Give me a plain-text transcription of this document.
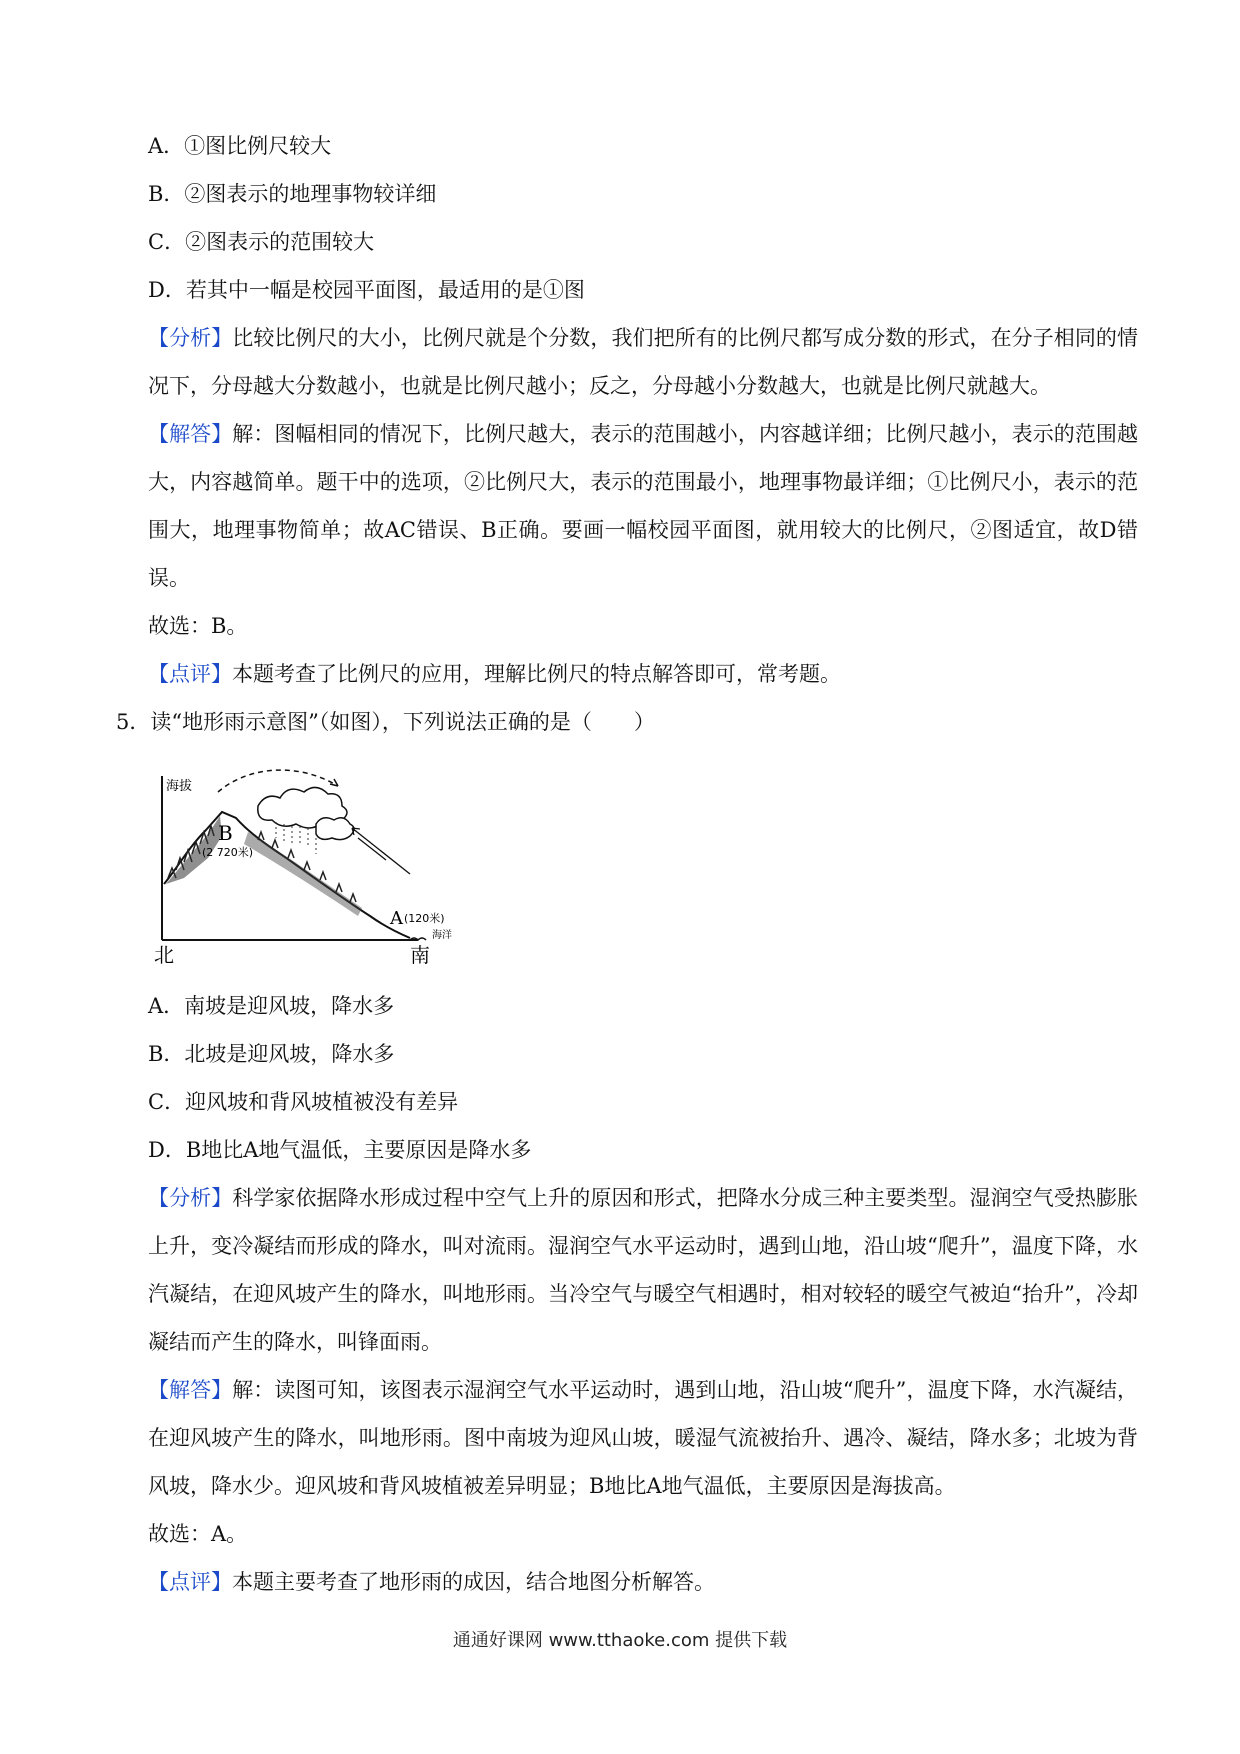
A．①图比例尺较大

B．②图表示的地理事物较详细

C．②图表示的范围较大

D．若其中一幅是校园平面图，最适用的是①图

【分析】比较比例尺的大小，比例尺就是个分数，我们把所有的比例尺都写成分数的形式，在分子相同的情况下，分母越大分数越小，也就是比例尺越小；反之，分母越小分数越大，也就是比例尺就越大。

【解答】解：图幅相同的情况下，比例尺越大，表示的范围越小，内容越详细；比例尺越小，表示的范围越大，内容越简单。题干中的选项，②比例尺大，表示的范围最小，地理事物最详细；①比例尺小，表示的范围大，地理事物简单；故AC错误、B正确。要画一幅校园平面图，就用较大的比例尺，②图适宜，故D错误。

故选：B。

【点评】本题考查了比例尺的应用，理解比例尺的特点解答即可，常考题。

5．读“地形雨示意图”（如图），下列说法正确的是（　　）

海拔
B
(2 720米)
A (120米)
海洋
北	南

A．南坡是迎风坡，降水多

B．北坡是迎风坡，降水多

C．迎风坡和背风坡植被没有差异

D．B地比A地气温低，主要原因是降水多

【分析】科学家依据降水形成过程中空气上升的原因和形式，把降水分成三种主要类型。湿润空气受热膨胀上升，变冷凝结而形成的降水，叫对流雨。湿润空气水平运动时，遇到山地，沿山坡“爬升”，温度下降，水汽凝结，在迎风坡产生的降水，叫地形雨。当冷空气与暖空气相遇时，相对较轻的暖空气被迫“抬升”，冷却凝结而产生的降水，叫锋面雨。

【解答】解：读图可知，该图表示湿润空气水平运动时，遇到山地，沿山坡“爬升”，温度下降，水汽凝结，在迎风坡产生的降水，叫地形雨。图中南坡为迎风山坡，暖湿气流被抬升、遇冷、凝结，降水多；北坡为背风坡，降水少。迎风坡和背风坡植被差异明显；B地比A地气温低，主要原因是海拔高。

故选：A。

【点评】本题主要考查了地形雨的成因，结合地图分析解答。

通通好课网 www.tthaoke.com 提供下载
